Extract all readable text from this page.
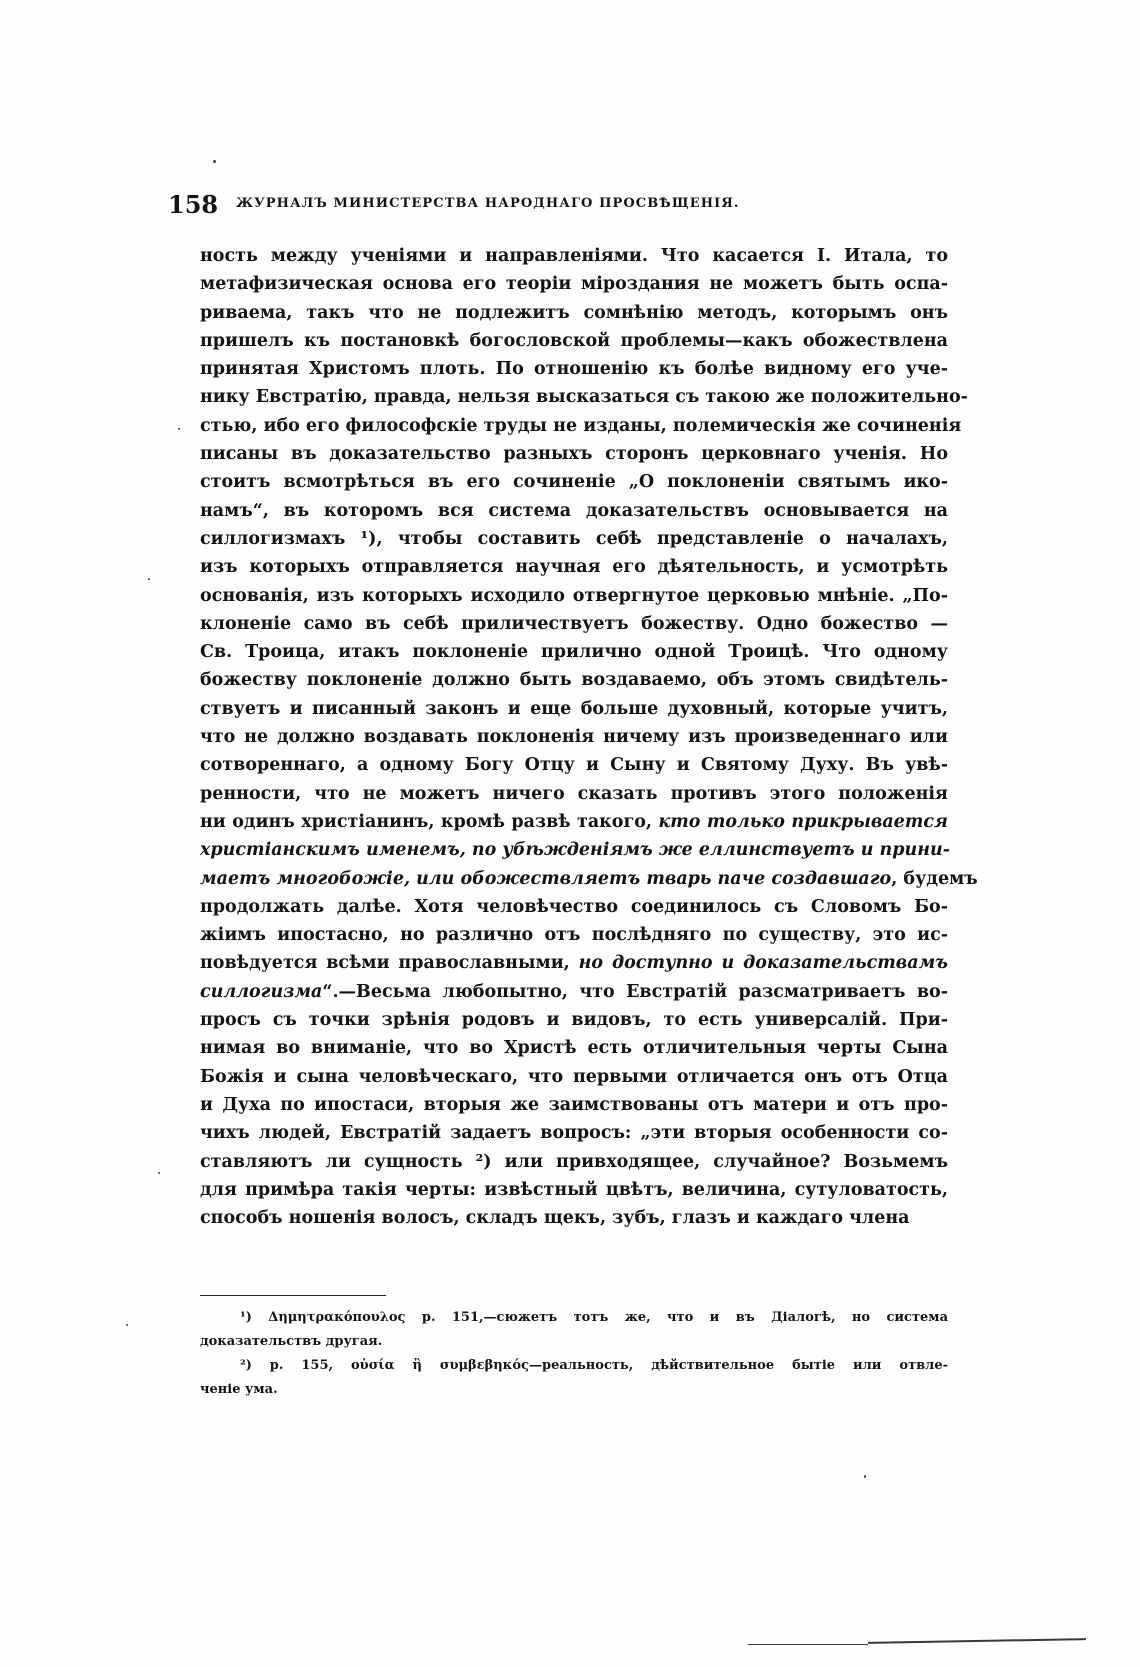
158 ЖУРНАЛЪ МИНИСТЕРСТВА НАРОДНАГО ПРОСВѢЩЕНІЯ.
ность между ученіями и направленіями. Что касается І. Итала, то
метафизическая основа его теоріи міроздания не можетъ быть оспа-
риваема, такъ что не подлежитъ сомнѣнію методъ, которымъ онъ
пришелъ къ постановкѣ богословской проблемы—какъ обожествлена
принятая Христомъ плоть. По отношенію къ болѣе видному его уче-
нику Евстратію, правда, нельзя высказаться съ такою же положительно-
стью, ибо его философскіе труды не изданы, полемическія же сочиненія
писаны въ доказательство разныхъ сторонъ церковнаго ученія. Но
стоитъ всмотрѣться въ его сочиненіе „О поклоненіи святымъ ико-
намъ“, въ которомъ вся система доказательствъ основывается на
силлогизмахъ ¹), чтобы составить себѣ представленіе о началахъ,
изъ которыхъ отправляется научная его дѣятельность, и усмотрѣть
основанія, изъ которыхъ исходило отвергнутое церковью мнѣніе. „По-
клоненіе само въ себѣ приличествуетъ божеству. Одно божество —
Св. Троица, итакъ поклоненіе прилично одной Троицѣ. Что одному
божеству поклоненіе должно быть воздаваемо, объ этомъ свидѣтель-
ствуетъ и писанный законъ и еще больше духовный, которые учитъ,
что не должно воздавать поклоненія ничему изъ произведеннаго или
сотвореннаго, а одному Богу Отцу и Сыну и Святому Духу. Въ увѣ-
ренности, что не можетъ ничего сказать противъ этого положенія
ни одинъ христіанинъ, кромѣ развѣ такого, кто только прикрывается
христіанскимъ именемъ, по убѣжденіямъ же еллинствуетъ и прини-
маетъ многобожіе, или обожествляетъ тварь паче создавшаго, будемъ
продолжать далѣе. Хотя человѣчество соединилось съ Словомъ Бо-
жіимъ ипостасно, но различно отъ послѣдняго по существу, это ис-
повѣдуется всѣми православными, но доступно и доказательствамъ
силлогизма“.—Весьма любопытно, что Евстратій разсматриваетъ во-
просъ съ точки зрѣнія родовъ и видовъ, то есть универсалій. При-
нимая во вниманіе, что во Христѣ есть отличительныя черты Сына
Божія и сына человѣческаго, что первыми отличается онъ отъ Отца
и Духа по ипостаси, вторыя же заимствованы отъ матери и отъ про-
чихъ людей, Евстратій задаетъ вопросъ: „эти вторыя особенности со-
ставляютъ ли сущность ²) или привходящее, случайное? Возьмемъ
для примѣра такія черты: извѣстный цвѣтъ, величина, сутуловатость,
способъ ношенія волосъ, складъ щекъ, зубъ, глазъ и каждаго члена
¹) Δημητρακόπουλος p. 151,—сюжетъ тотъ же, что и въ Діалогѣ, но система
доказательствъ другая.
²) p. 155, οὐσία ἢ συμβεβηκός—реальность, дѣйствительное бытіе или отвле-
ченіе ума.
